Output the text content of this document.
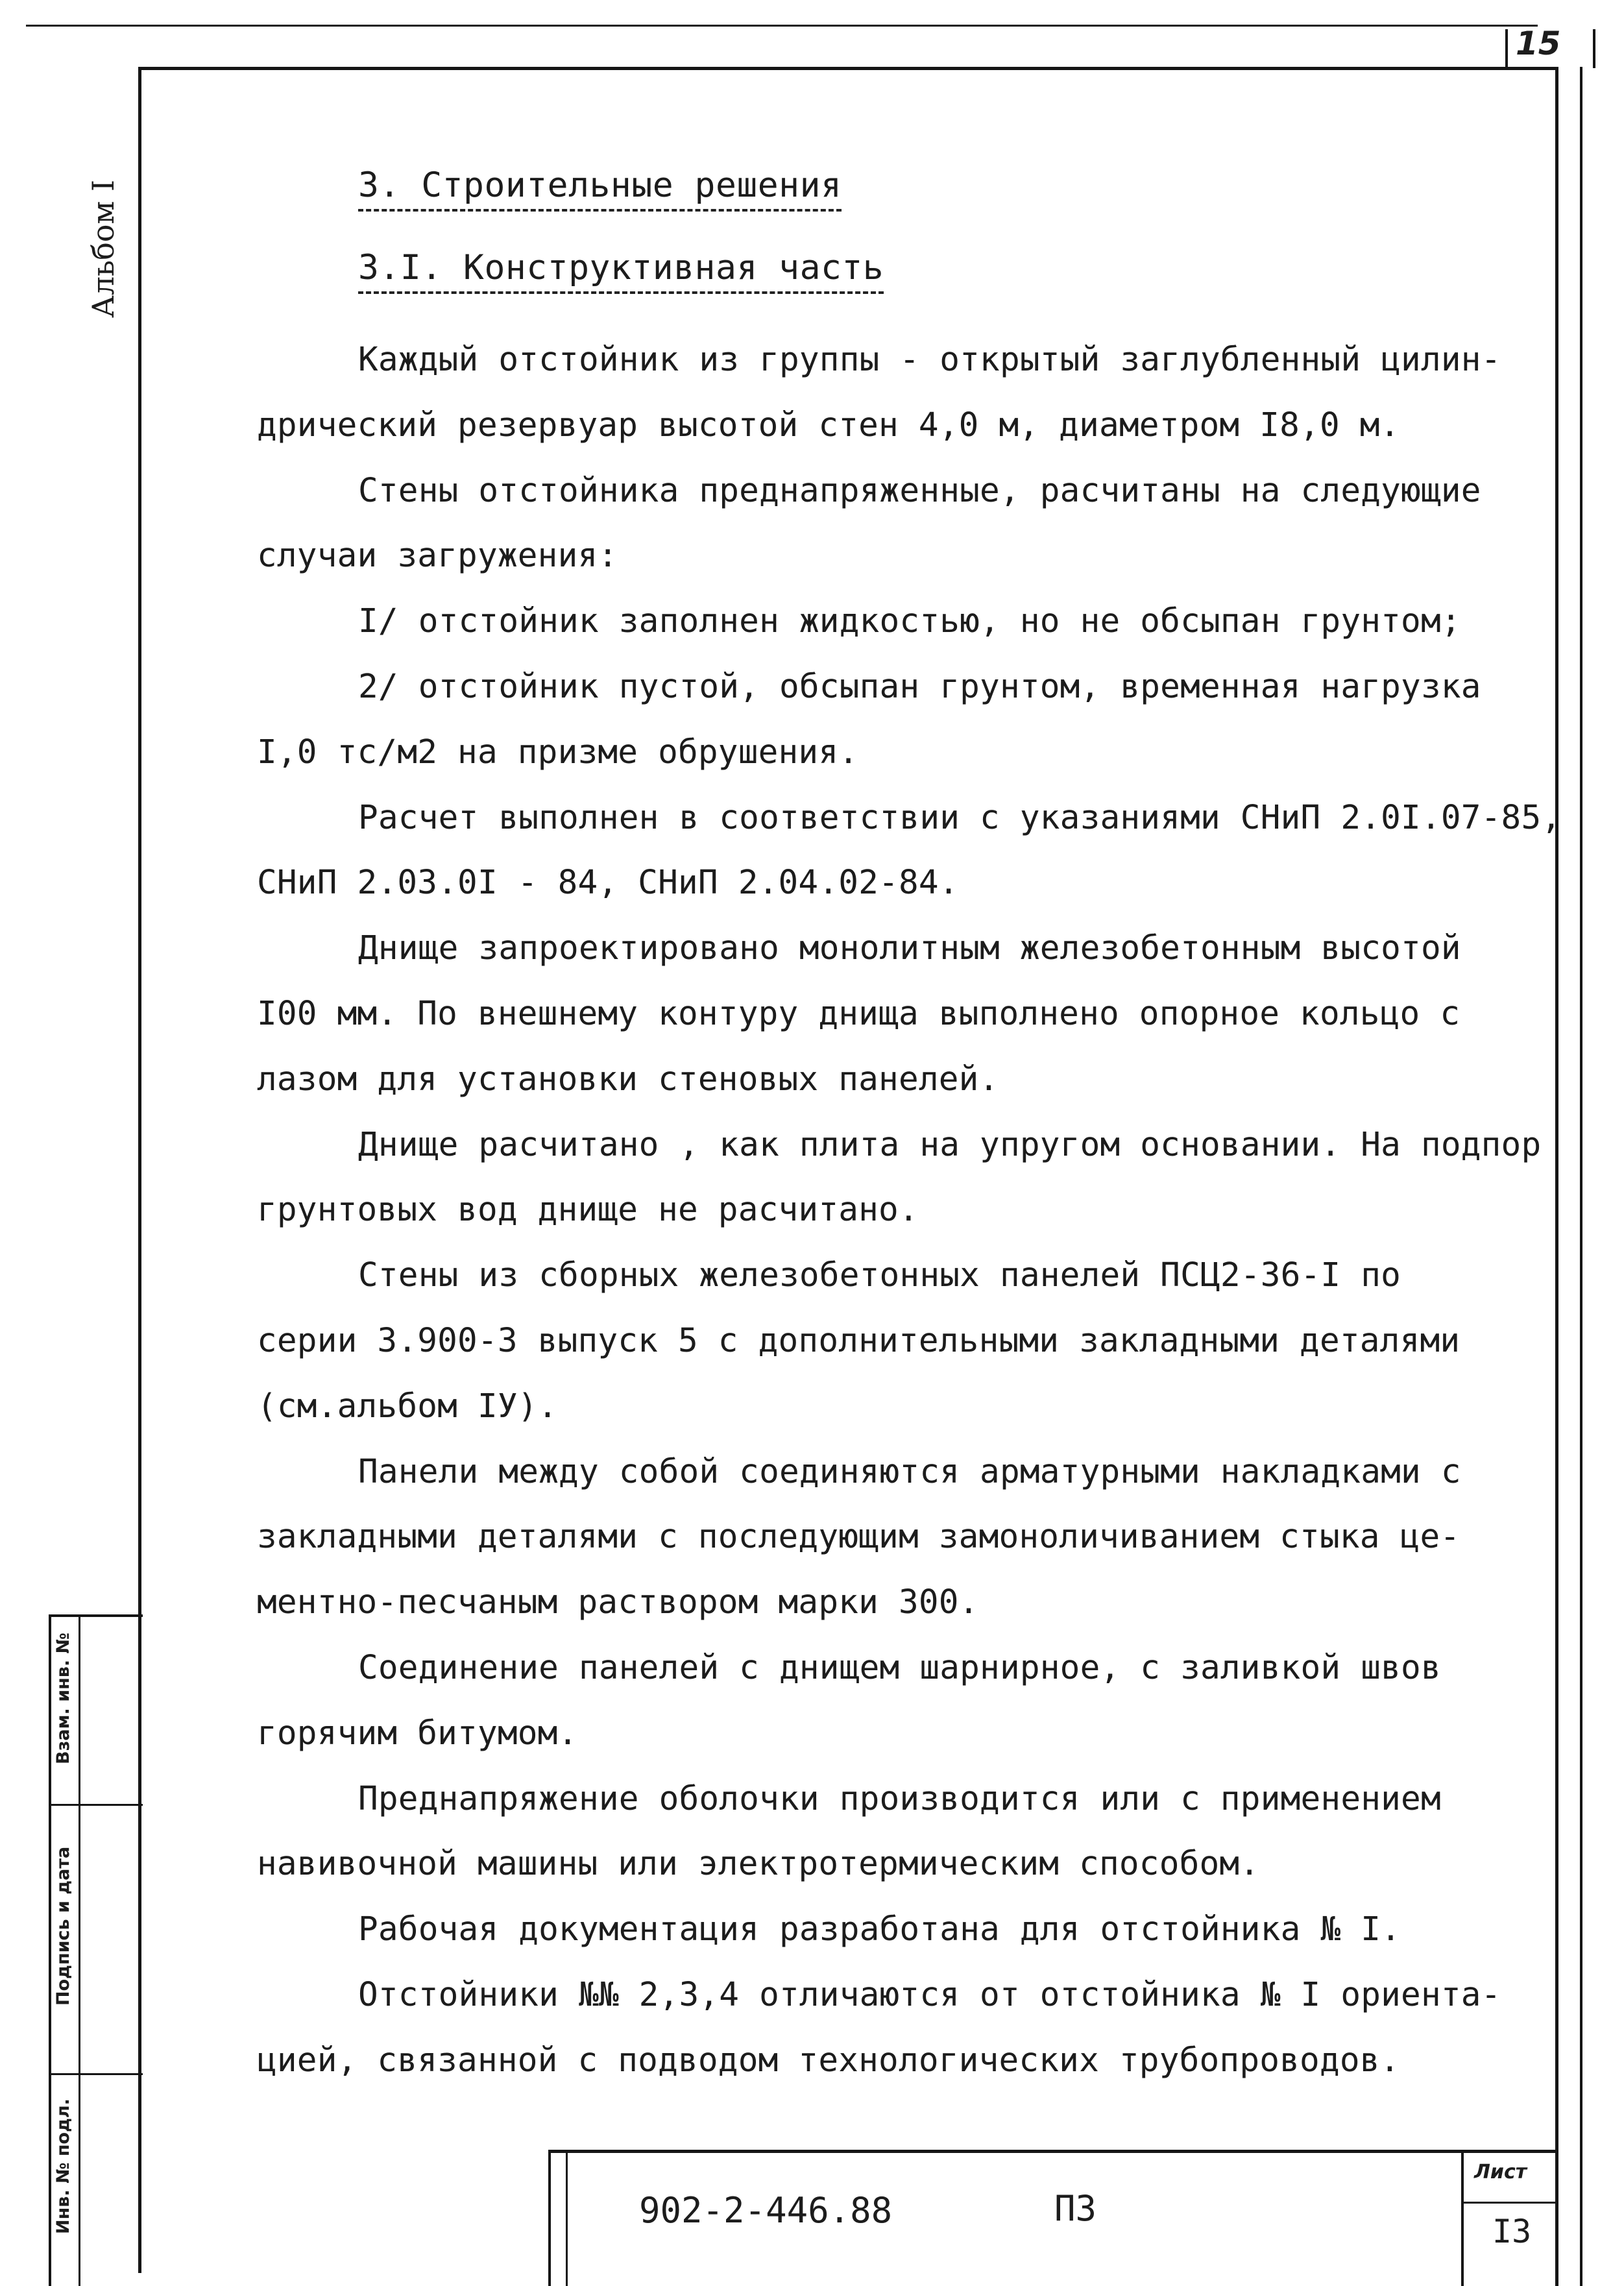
15
Альбом I
Взам. инв. №
Подпись и дата
Инв. № подл.
3. Строительные решения
3.I. Конструктивная часть
Каждый отстойник из группы - открытый заглубленный цилин-
дрический резервуар высотой стен 4,0 м, диаметром I8,0 м.
Стены отстойника преднапряженные, расчитаны на следующие
случаи загружения:
I/ отстойник заполнен жидкостью, но не обсыпан грунтом;
2/ отстойник пустой, обсыпан грунтом, временная нагрузка
I,0 тс/м2 на призме обрушения.
Расчет выполнен в соответствии с указаниями СНиП 2.0I.07-85,
СНиП 2.03.0I - 84, СНиП 2.04.02-84.
Днище запроектировано монолитным железобетонным высотой
I00 мм. По внешнему контуру днища выполнено опорное кольцо с
лазом для установки стеновых панелей.
Днище расчитано , как плита на упругом основании. На подпор
грунтовых вод днище не расчитано.
Стены из сборных железобетонных панелей ПСЦ2-36-I по
серии 3.900-3 выпуск 5 с дополнительными закладными деталями
(см.альбом IУ).
Панели между собой соединяются арматурными накладками с
закладными деталями с последующим замоноличиванием стыка це-
ментно-песчаным раствором марки 300.
Соединение панелей с днищем шарнирное, с заливкой швов
горячим битумом.
Преднапряжение оболочки производится или с применением
навивочной машины или электротермическим способом.
Рабочая документация разработана для отстойника № I.
Отстойники №№ 2,3,4 отличаются от отстойника № I ориента-
цией, связанной с подводом технологических трубопроводов.
902-2-446.88	ПЗ
Лист
I3
